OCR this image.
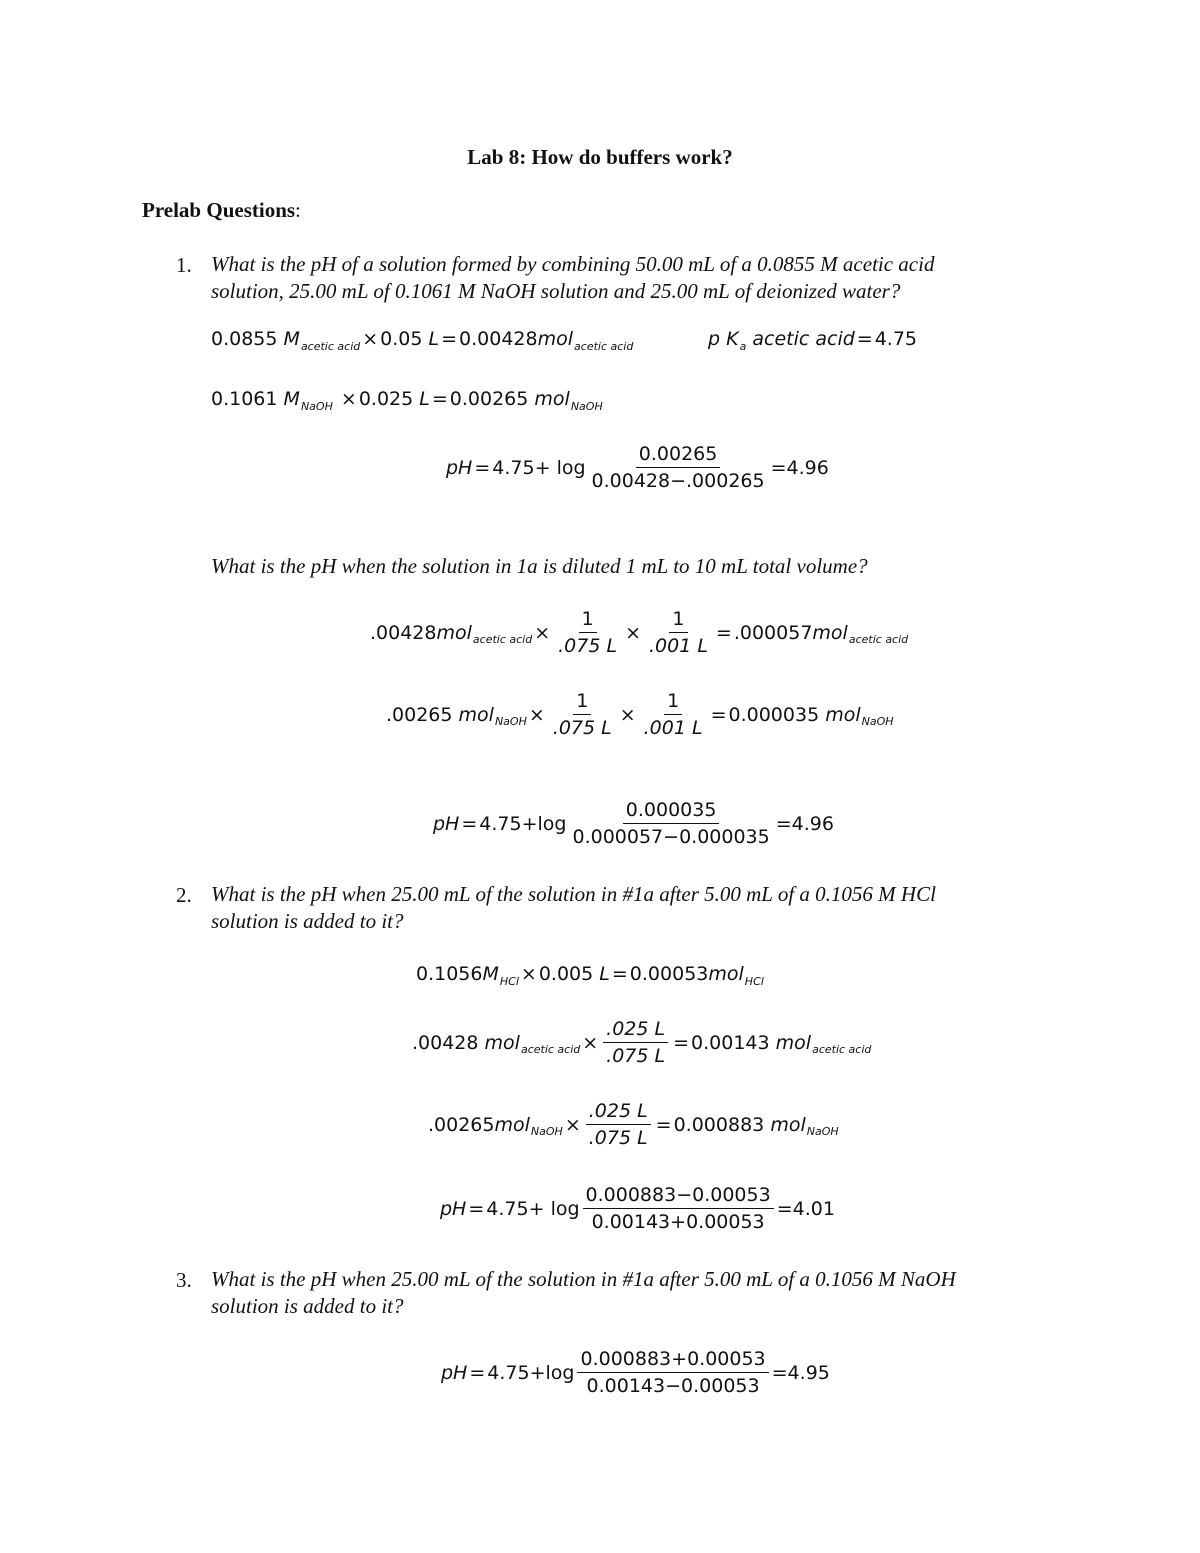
Lab 8: How do buffers work?
Prelab Questions:
1. What is the pH of a solution formed by combining 50.00 mL of a 0.0855 M acetic acid
solution, 25.00 mL of 0.1061 M NaOH solution and 25.00 mL of deionized water?
0.0855
M acetic acid × 0.05
L = 0.00428 mol acetic acid	p
K a
acetic acid = 4.75
0.1061
M NaOH
× 0.025
L = 0.00265
mol NaOH
pH = 4.75+
$\log \frac{0.00265}{0.00428-.000265} =4.96$
What is the pH when the solution in 1a is diluted 1 mL to 10 mL total volume?
.00428 mol acetic acid × $\frac{1}{.075 L} \times \frac{1}{.001 L} = .000057$ mol acetic acid
.00265
mol NaOH × $\frac{1}{.075 L} \times \frac{1}{.001 L} = 0.000035$
mol NaOH
pH = $4.75+ \log \frac{0.000035}{0.000057-0.000035} =4.96$
2. What is the pH when 25.00 mL of the solution in #1a after 5.00 mL of a 0.1056 M HCl
solution is added to it?
0.1056 M HCl × 0.005
L = 0.00053 mol HCl
.00428
mol acetic acid × $\frac{.025 L}{.075 L} = 0.00143$
mol acetic acid
.00265 mol NaOH × $\frac{.025 L}{.075 L} = 0.000883$
mol NaOH
pH = 4.75+
$\log \frac{0.000883-0.00053}{0.00143+0.00053} =4.01$
3. What is the pH when 25.00 mL of the solution in #1a after 5.00 mL of a 0.1056 M NaOH
solution is added to it?
pH = $4.75+ \log \frac{0.000883+0.00053}{0.00143-0.00053} =4.95$
